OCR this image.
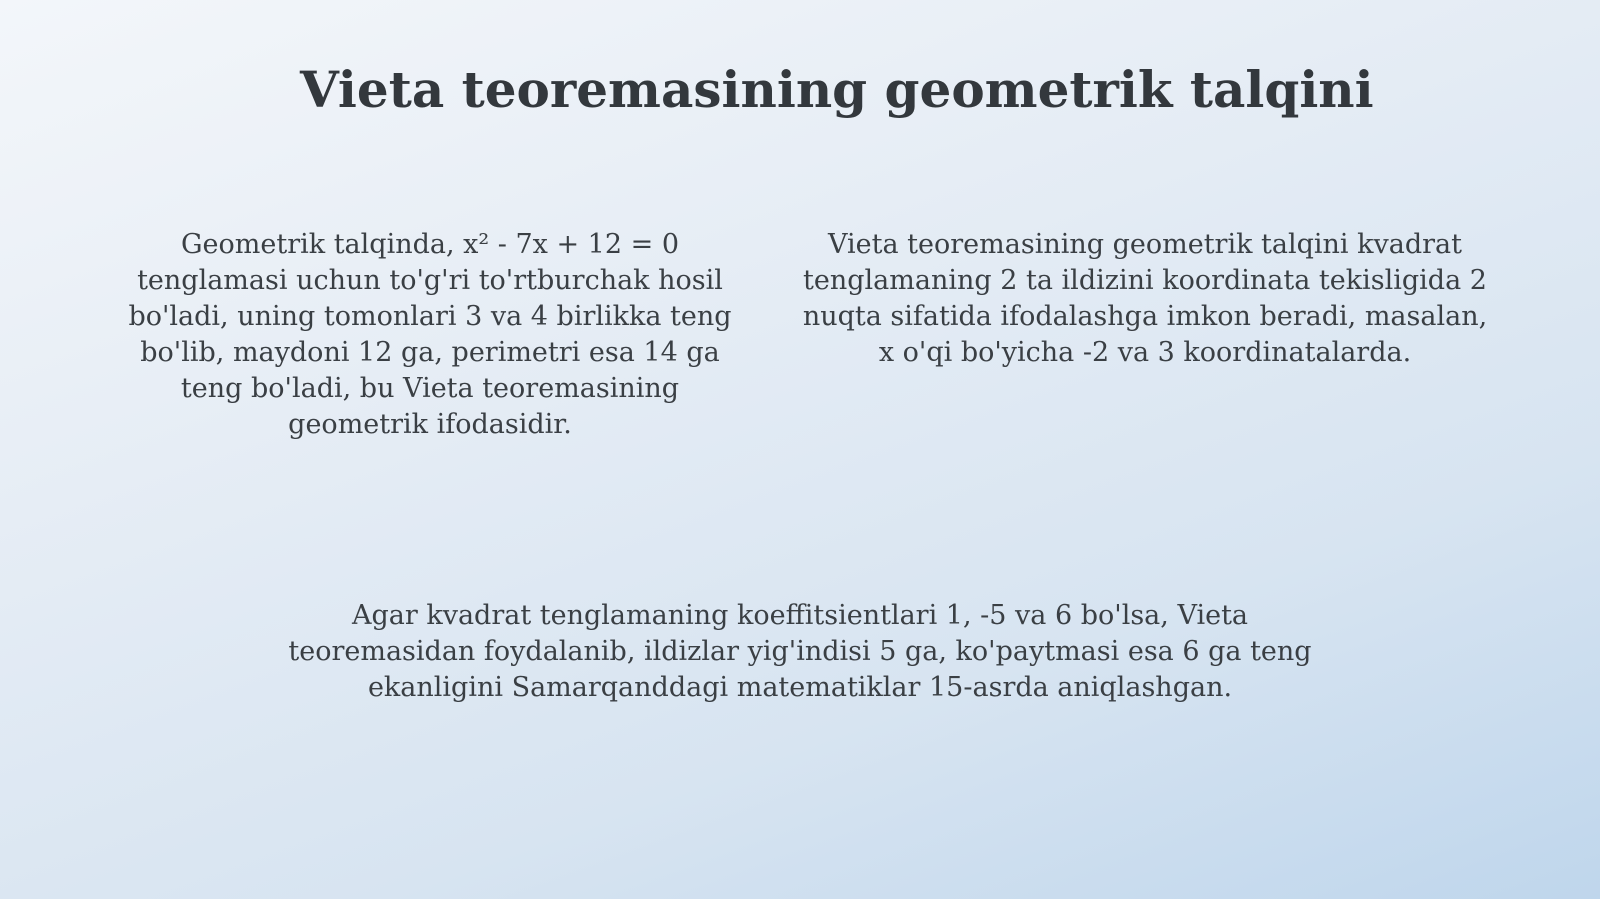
Vieta teoremasining geometrik talqini

Geometrik talqinda, x² - 7x + 12 = 0 tenglamasi uchun to'g'ri to'rtburchak hosil bo'ladi, uning tomonlari 3 va 4 birlikka teng bo'lib, maydoni 12 ga, perimetri esa 14 ga teng bo'ladi, bu Vieta teoremasining geometrik ifodasidir.

Vieta teoremasining geometrik talqini kvadrat tenglamaning 2 ta ildizini koordinata tekisligida 2 nuqta sifatida ifodalashga imkon beradi, masalan, x o'qi bo'yicha -2 va 3 koordinatalarda.

Agar kvadrat tenglamaning koeffitsientlari 1, -5 va 6 bo'lsa, Vieta teoremasidan foydalanib, ildizlar yig'indisi 5 ga, ko'paytmasi esa 6 ga teng ekanligini Samarqanddagi matematiklar 15-asrda aniqlashgan.
